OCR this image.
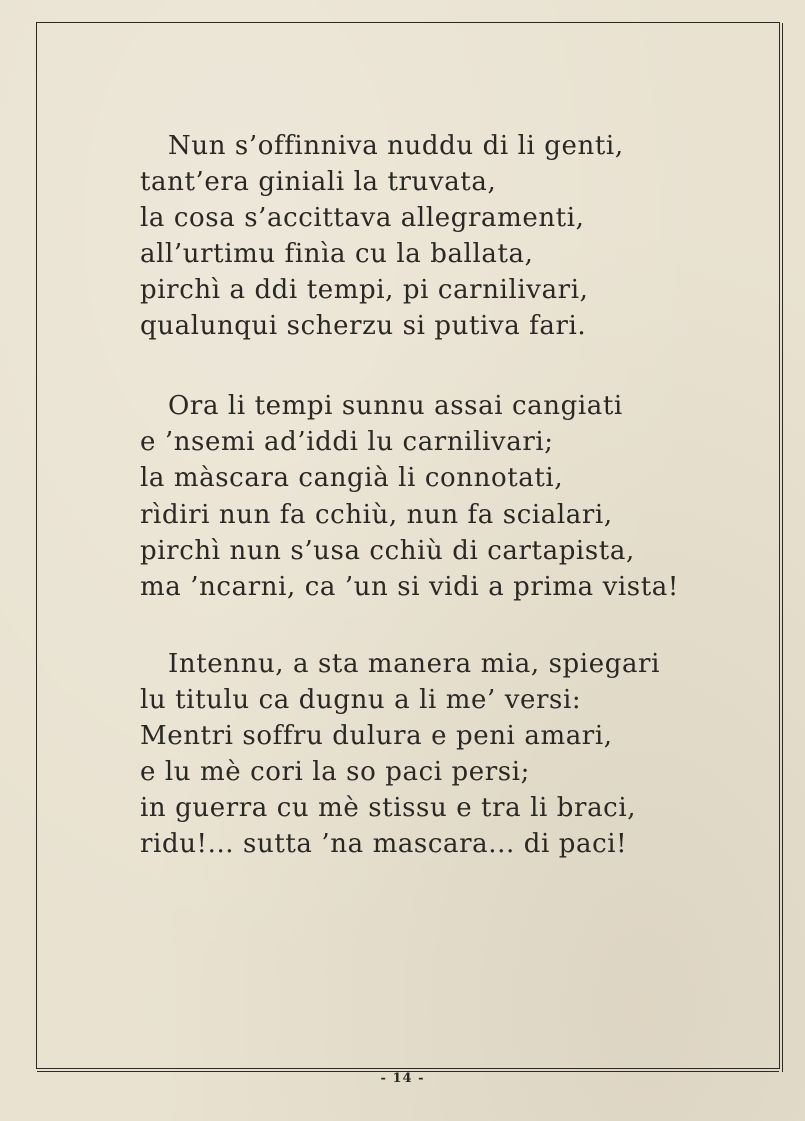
Nun s’offinniva nuddu di li genti,
tant’era giniali la truvata,
la cosa s’accittava allegramenti,
all’urtimu finìa cu la ballata,
pirchì a ddi tempi, pi carnilivari,
qualunqui scherzu si putiva fari.
Ora li tempi sunnu assai cangiati
e ’nsemi ad’iddi lu carnilivari;
la màscara cangià li connotati,
rìdiri nun fa cchiù, nun fa scialari,
pirchì nun s’usa cchiù di cartapista,
ma ’ncarni, ca ’un si vidi a prima vista!
Intennu, a sta manera mia, spiegari
lu titulu ca dugnu a li me’ versi:
Mentri soffru dulura e peni amari,
e lu mè cori la so paci persi;
in guerra cu mè stissu e tra li braci,
ridu!... sutta ’na mascara... di paci!
- 14 -
